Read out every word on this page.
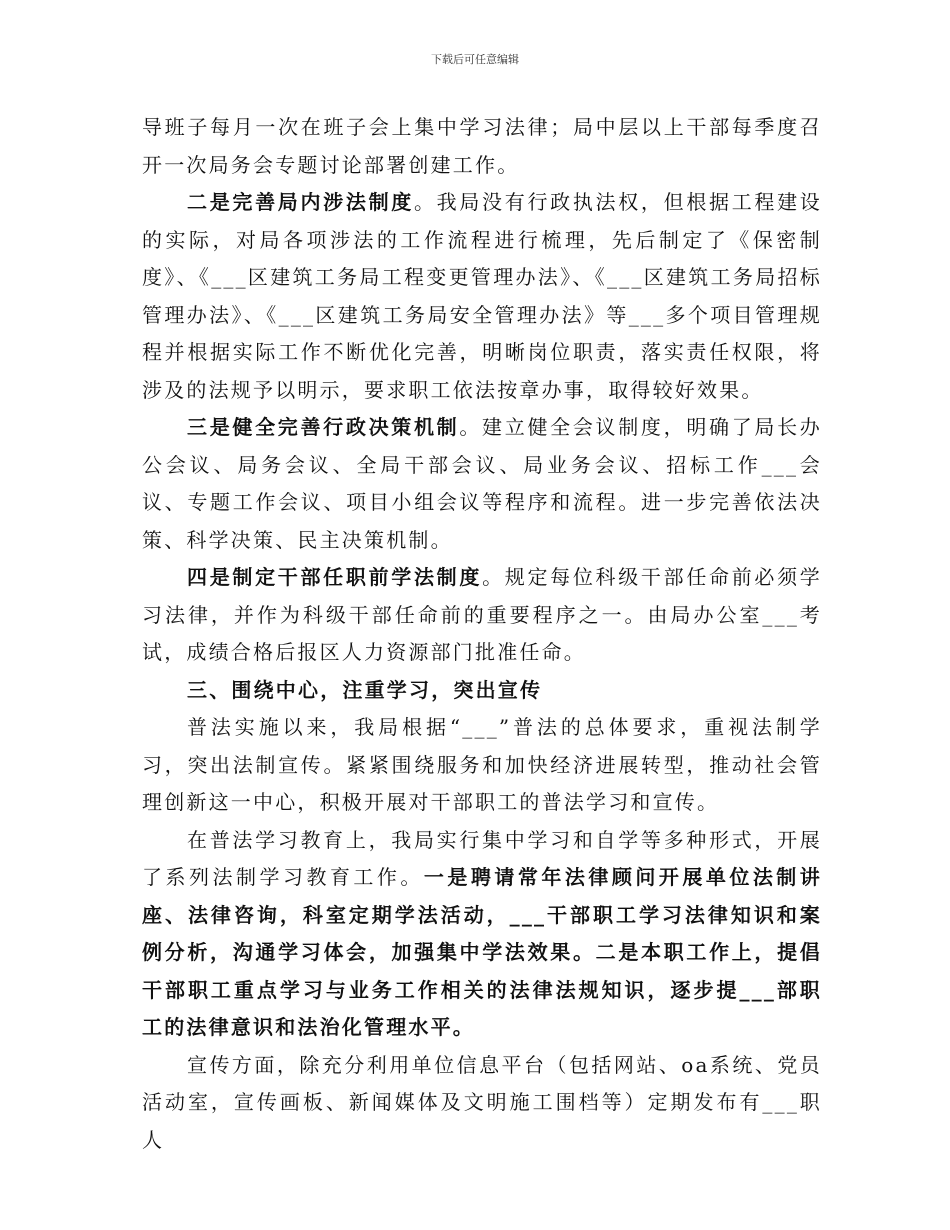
下载后可任意编辑

导班子每月一次在班子会上集中学习法律；局中层以上干部每季度召开一次局务会专题讨论部署创建工作。

二是完善局内涉法制度。我局没有行政执法权，但根据工程建设的实际，对局各项涉法的工作流程进行梳理，先后制定了《保密制度》、《___区建筑工务局工程变更管理办法》、《___区建筑工务局招标管理办法》、《___区建筑工务局安全管理办法》等___多个项目管理规程并根据实际工作不断优化完善，明晰岗位职责，落实责任权限，将涉及的法规予以明示，要求职工依法按章办事，取得较好效果。

三是健全完善行政决策机制。建立健全会议制度，明确了局长办公会议、局务会议、全局干部会议、局业务会议、招标工作___会议、专题工作会议、项目小组会议等程序和流程。进一步完善依法决策、科学决策、民主决策机制。

四是制定干部任职前学法制度。规定每位科级干部任命前必须学习法律，并作为科级干部任命前的重要程序之一。由局办公室___考试，成绩合格后报区人力资源部门批准任命。

三、围绕中心，注重学习，突出宣传

普法实施以来，我局根据“___”普法的总体要求，重视法制学习，突出法制宣传。紧紧围绕服务和加快经济进展转型，推动社会管理创新这一中心，积极开展对干部职工的普法学习和宣传。

在普法学习教育上，我局实行集中学习和自学等多种形式，开展了系列法制学习教育工作。一是聘请常年法律顾问开展单位法制讲座、法律咨询，科室定期学法活动，___干部职工学习法律知识和案例分析，沟通学习体会，加强集中学法效果。二是本职工作上，提倡干部职工重点学习与业务工作相关的法律法规知识，逐步提___部职工的法律意识和法治化管理水平。

宣传方面，除充分利用单位信息平台（包括网站、oa系统、党员活动室，宣传画板、新闻媒体及文明施工围档等）定期发布有___职人
